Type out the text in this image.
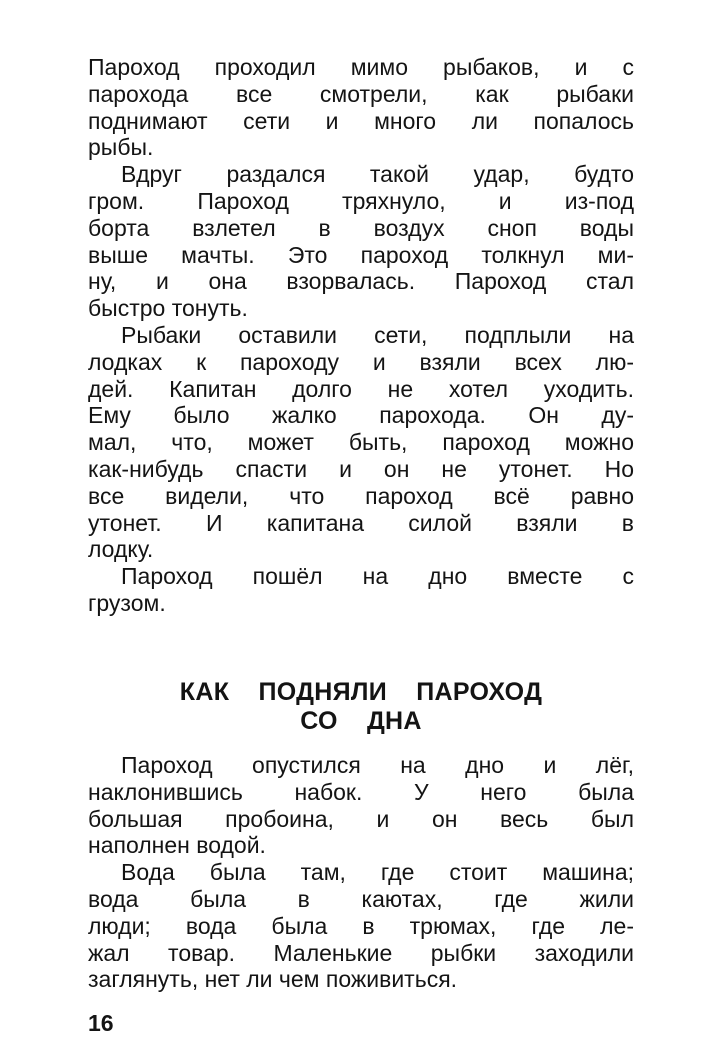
Пароход проходил мимо рыбаков, и с
парохода все смотрели, как рыбаки
поднимают сети и много ли попалось
рыбы.
Вдруг раздался такой удар, будто
гром. Пароход тряхнуло, и из-под
борта взлетел в воздух сноп воды
выше мачты. Это пароход толкнул ми-
ну, и она взорвалась. Пароход стал
быстро тонуть.
Рыбаки оставили сети, подплыли на
лодках к пароходу и взяли всех лю-
дей. Капитан долго не хотел уходить.
Ему было жалко парохода. Он ду-
мал, что, может быть, пароход можно
как-нибудь спасти и он не утонет. Но
все видели, что пароход всё равно
утонет. И капитана силой взяли в
лодку.
Пароход пошёл на дно вместе с
грузом.
КАК ПОДНЯЛИ ПАРОХОД
СО ДНА
Пароход опустился на дно и лёг,
наклонившись набок. У него была
большая пробоина, и он весь был
наполнен водой.
Вода была там, где стоит машина;
вода была в каютах, где жили
люди; вода была в трюмах, где ле-
жал товар. Маленькие рыбки заходили
заглянуть, нет ли чем поживиться.
16
